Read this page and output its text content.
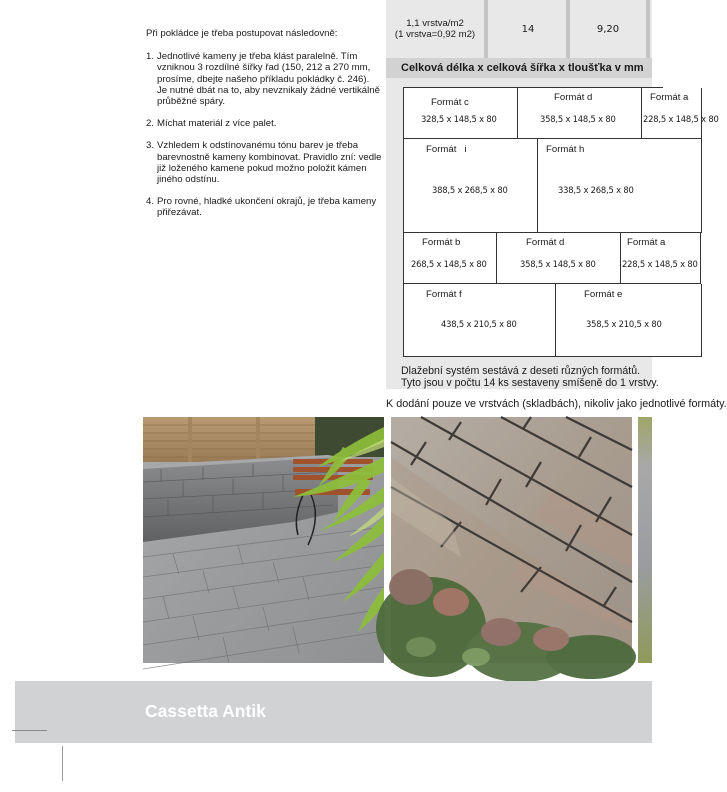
Při pokládce je třeba postupovat následovně:

1. Jednotlivé kameny je třeba klást paralelně. Tím vzniknou 3 rozdílné šířky řad (150, 212 a 270 mm, prosíme, dbejte našeho příkladu pokládky č. 246). Je nutné dbát na to, aby nevznikaly žádné vertikálně průběžné spáry.
2. Míchat materiál z více palet.
3. Vzhledem k odstínovanému tónu barev je třeba barevnostně kameny kombinovat. Pravidlo zní: vedle již loženého kamene pokud možno položit kámen jiného odstínu.
4. Pro rovné, hladké ukončení okrajů, je třeba kameny přiřezávat.
1,1 vrstva/m2
(1 vrstva=0,92 m2)	14	9,20
Celková délka x celková šířka x tloušťka v mm
Formát c
328,5 x 148,5 x 80
Formát d
358,5 x 148,5 x 80
Formát a
228,5 x 148,5 x 80
Formát   i
388,5 x 268,5 x 80
Formát h
338,5 x 268,5 x 80
Formát b
268,5 x 148,5 x 80
Formát d
358,5 x 148,5 x 80
Formát a
228,5 x 148,5 x 80
Formát f
438,5 x 210,5 x 80
Formát e
358,5 x 210,5 x 80
Dlažební systém sestává z deseti různých formátů.
Tyto jsou v počtu 14 ks sestaveny smíšeně do 1 vrstvy.
K dodání pouze ve vrstvách (skladbách), nikoliv jako jednotlivé formáty.
Cassetta Antik
